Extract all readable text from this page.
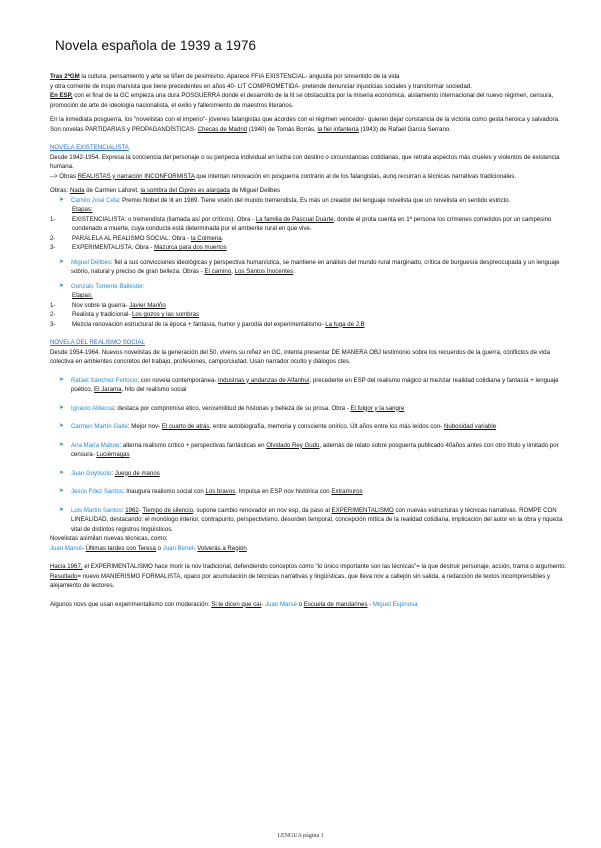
Novela española de 1939 a 1976

Tras 2ªGM la cultura, pensamiento y arte se tiñen de pesimismo. Aparece FFIA EXISTENCIAL- angustia por sinsentido de la vida

y otra corriente de inspo marxista que tiene precedentes en años 40- LIT COMPROMETIDA- pretende denunciar injusticias sociales y transformar sociedad.

En ESP, con el final de la GC empieza una dura POSGUERRA donde el desarrollo de la lit se obstaculiza por la miseria económica, aislamiento internacional del nuevo régimen, censura, promoción de arte de ideología nacionalista, el exilio y fallecimiento de maestros literarios.

En la inmediata posguerra, los "novelistas con el imperio"- jóvenes falangistas que acordes con el régimen vencedor- quieren dejar constancia de la victoria como gesta heroica y salvadora. Son novelas PARTIDARIAS y PROPAGANDÍSTICAS- Checas de Madrid (1940) de Tomás Borrás, la fiel infantería (1943) de Rafael García Serrano.

NOVELA EXISTENCIALISTA

Desde 1942-1954. Expresa la conciencia del personaje o su peripecia individual en lucha con destino o circunstancias cotidianas, que retrata aspectos más crueles y violentos de existencia humana.

--> Obras REALISTAS y narración INCONFORMISTA que intentan renovación en posguerra contrario al de los falangistas, aunq recurran a técnicas narrativas tradicionales.

Obras: Nada de Carmen Laforet. la sombra del Ciprés es alargada de Miguel Delibes

➤ Camilo José Cela: Premio Nobel de lit en 1989. Tiene visión del mundo tremendista. Es más un creador del lenguaje novelista que un novelista en sentido estricto.

Etapas:

1-	EXISTENCIALISTA: o tremendista (llamada así por críticos). Obra - La familia de Pascual Duarte, donde el prota cuenta en 1ª persona los crímenes cometidos por un campesino condenado a muerte, cuya conducta está determinada por el ambiente rural en que vive.

2-	PARALELA AL REALISMO SOCIAL: Obra - la Colmena.

3-	EXPERIMENTALISTA: Obra - Mazurca para dos muertos

➤ Miguel Delibes: fiel a sus convicciones ideológicas y perspectiva humanística, se mantiene en análisis del mundo rural marginado, crítica de burguesía despreocupada y un lenguaje sobrio, natural y preciso de gran belleza. Obras - El camino, Los Santos Inocentes.

➤ Gonzalo Torrente Ballester:

Etapas:

1-	Nov sobre la guerra- Javier Mariño

2-	Realista y tradicional- Los gozos y las sombras

3-	Mezcla renovación estructural de la época + fantasía, humor y parodia del experimentalismo- La fuga de J.B

NOVELA DEL REALISMO SOCIAL

Desde 1954-1964. Nuevos novelistas de la generación del 50, vivens su niñez en GC, intenta presentar DE MANERA OBJ testimonio sobre los recuerdos de la guerra, conflictos de vida colectiva en ambientes concretos del trabajo, profesiones, campo/ciudad. Usan narrador oculto y diálogos ctes.

➤ Rafael Sánchez Ferlosio: con novela contemporánea- Industrias y andanzas de Alfanhuí, precedente en ESP del realismo mágico al mezclar realidad cotidiana y fantasía + lenguaje poético. El Jarama, hito del realismo social

➤ Ignacio Aldecoa: destaca por compromiso ético, verosimilitud de historias y belleza de su prosa. Obra - El fulgor y la sangre

➤ Carmen Martín Gaite: Mejor nov- El cuarto de atrás, entre autobiografía, memoria y consciente onírico. Últ años entre los más leídos con- Nubosidad variable

➤ Ana María Matute: alterna realismo crítico + perspectivas fantásticas en Olvidado Rey Gudú, además de relato sobre posguerra publicado 40años antes con otro título y limitado por censura- Luciérnagas

➤ Juan Goytisolo: Juego de manos

➤ Jesús Fdez Santos: Inaugura realismo social con Los bravos. Impulsa en ESP nov histórica con Extramuros

➤ Luis Martín Santos: 1962- Tiempo de silencio, supone cambio renovador en nov esp, da paso al EXPERIMENTALISMO con nuevas estructuras y técnicas narrativas. ROMPE CON LINEALIDAD, destacando: el monólogo interior, contrapunto, perspectivismo, desorden temporal, concepción mítica de la realidad cotidiana, implicación del autor en la obra y riqueza vital de distintos registros lingüísticos.

Novelistas asimilan nuevas técnicas, como;

Juan Marsé- Últimas tardes con Teresa o Juan Benet- Volverás a Región

Hacia 1967, el EXPERIMENTALISMO hace morir la nov tradicional, defendiendo conceptos como "lo único importante son las técnicas"= la que destruir personaje, acción, trama o argumento.

Resultado= nuevo MANIERISMO FORMALISTA, opaco por acumulación de técnicas narrativas y lingüísticas, que lleva nov a callejón sin salida, a redacción de textos incomprensibles y alejamiento de lectores.

Algunos novs que usan experimentalismo con moderación: Si te dicen que caí- Juan Marsé o Escuela de mandarines - Miguel Espinosa

LENGUA página 1
